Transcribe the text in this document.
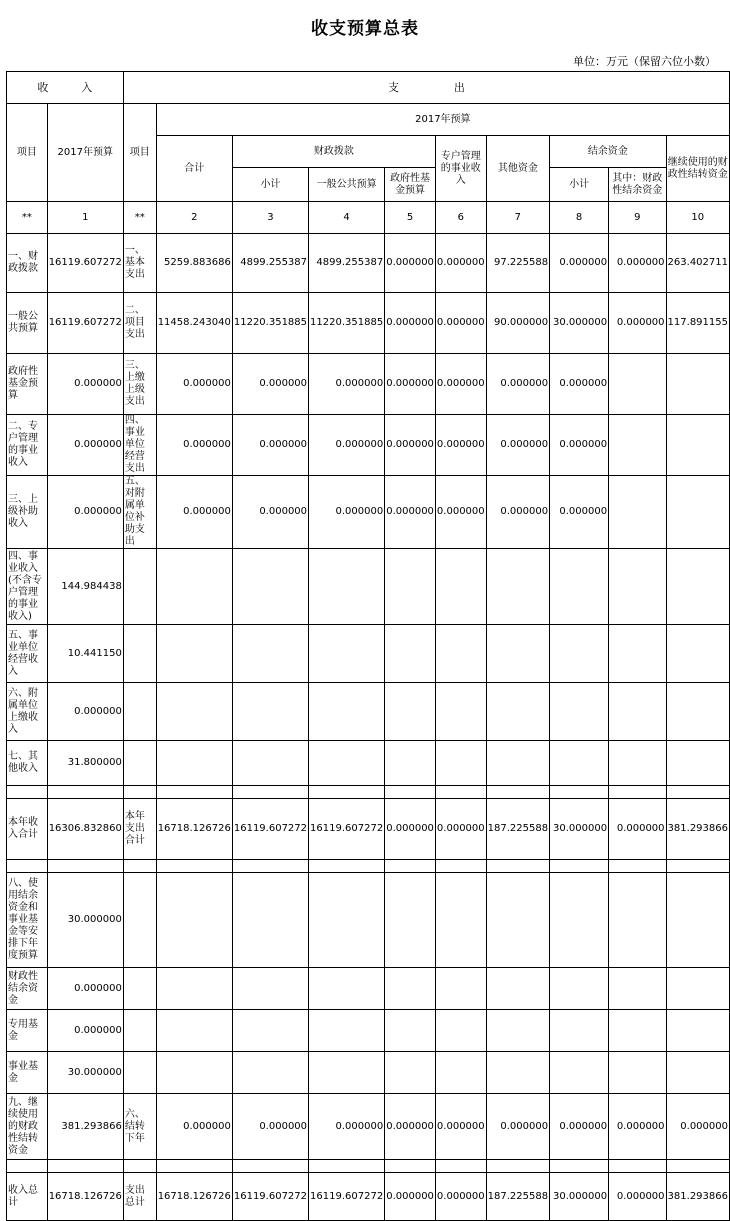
收支预算总表
单位：万元（保留六位小数）
收　　　入		支　　　　　出									
项目	2017年预算	项目	2017年预算								
			合计	财政拨款			专户管理的事业收入	其他资金	结余资金		继续使用的财政性结转资金
				小计	一般公共预算	政府性基金预算			小计	其中：财政性结余资金	
**	1	**	2	3	4	5	6	7	8	9	10
一、财政拨款	16119.607272	一、基本支出	5259.883686	4899.255387	4899.255387	0.000000	0.000000	97.225588	0.000000	0.000000	263.402711
一般公共预算	16119.607272	二、项目支出	11458.243040	11220.351885	11220.351885	0.000000	0.000000	90.000000	30.000000	0.000000	117.891155
政府性基金预算	0.000000	三、上缴上级支出	0.000000	0.000000	0.000000	0.000000	0.000000	0.000000	0.000000		
二、专户管理的事业收入	0.000000	四、事业单位经营支出	0.000000	0.000000	0.000000	0.000000	0.000000	0.000000	0.000000		
三、上级补助收入	0.000000	五、对附属单位补助支出	0.000000	0.000000	0.000000	0.000000	0.000000	0.000000	0.000000		
四、事业收入(不含专户管理的事业收入)	144.984438										
五、事业单位经营收入	10.441150										
六、附属单位上缴收入	0.000000										
七、其他收入	31.800000										

本年收入合计	16306.832860	本年支出合计	16718.126726	16119.607272	16119.607272	0.000000	0.000000	187.225588	30.000000	0.000000	381.293866

八、使用结余资金和事业基金等安排下年度预算	30.000000										
财政性结余资金	0.000000										
专用基金	0.000000										
事业基金	30.000000										
九、继续使用的财政性结转资金	381.293866	六、结转下年	0.000000	0.000000	0.000000	0.000000	0.000000	0.000000	0.000000	0.000000	0.000000

收入总计	16718.126726	支出总计	16718.126726	16119.607272	16119.607272	0.000000	0.000000	187.225588	30.000000	0.000000	381.293866
